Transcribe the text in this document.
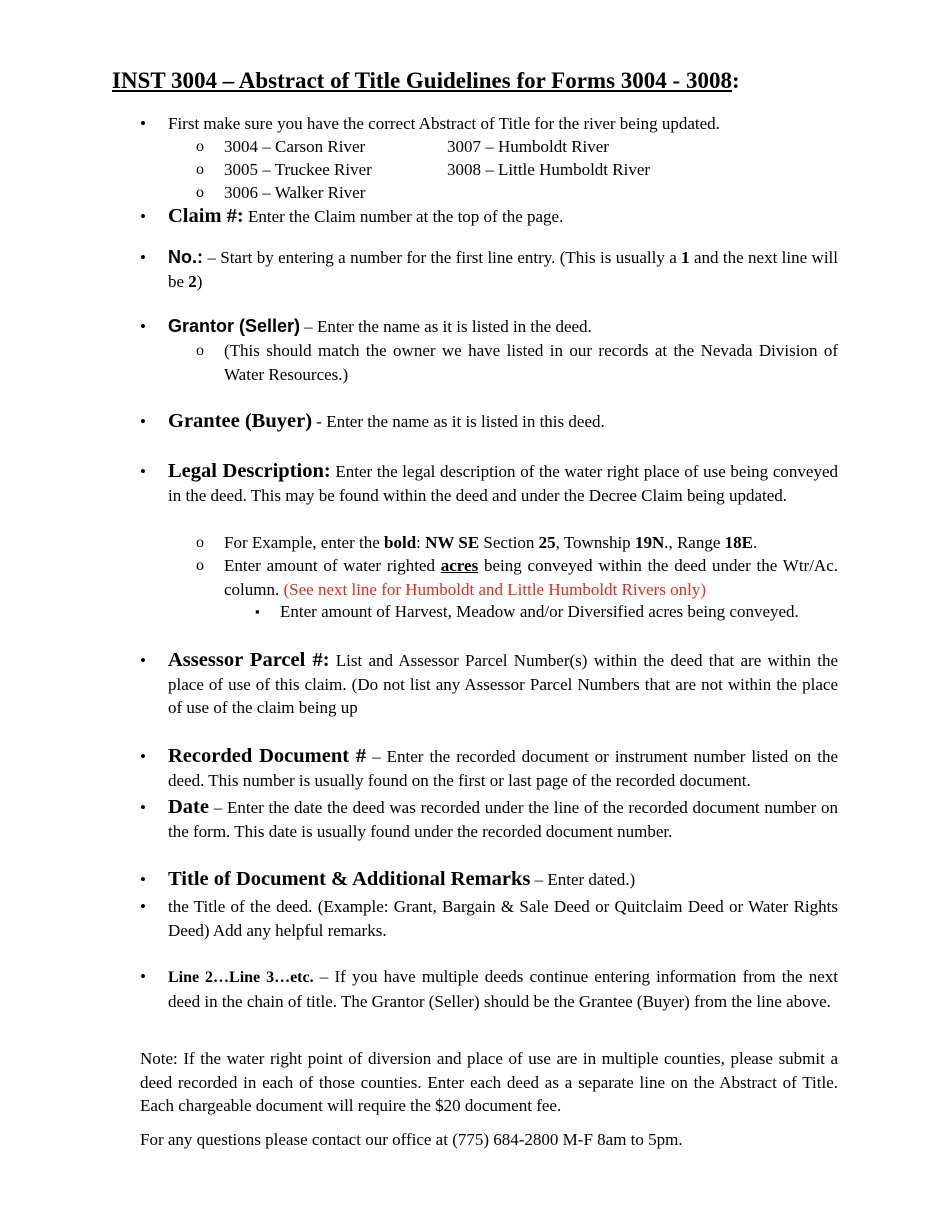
INST 3004 – Abstract of Title Guidelines for Forms 3004 - 3008:
• First make sure you have the correct Abstract of Title for the river being updated.
o 3004 – Carson River	3007 – Humboldt River
o 3005 – Truckee River	3008 – Little Humboldt River
o 3006 – Walker River
• Claim #: Enter the Claim number at the top of the page.
• No.: – Start by entering a number for the first line entry. (This is usually a 1 and the next line will be 2)
• Grantor (Seller) – Enter the name as it is listed in the deed.
o (This should match the owner we have listed in our records at the Nevada Division of Water Resources.)
• Grantee (Buyer) - Enter the name as it is listed in this deed.
• Legal Description: Enter the legal description of the water right place of use being conveyed in the deed. This may be found within the deed and under the Decree Claim being updated.
o For Example, enter the bold: NW SE Section 25, Township 19N., Range 18E.
o Enter amount of water righted acres being conveyed within the deed under the Wtr/Ac. column. (See next line for Humboldt and Little Humboldt Rivers only)
▪ Enter amount of Harvest, Meadow and/or Diversified acres being conveyed.
• Assessor Parcel #: List and Assessor Parcel Number(s) within the deed that are within the place of use of this claim. (Do not list any Assessor Parcel Numbers that are not within the place of use of the claim being up
• Recorded Document # – Enter the recorded document or instrument number listed on the deed. This number is usually found on the first or last page of the recorded document.
• Date – Enter the date the deed was recorded under the line of the recorded document number on the form. This date is usually found under the recorded document number.
• Title of Document & Additional Remarks – Enter dated.)
• the Title of the deed. (Example: Grant, Bargain & Sale Deed or Quitclaim Deed or Water Rights Deed) Add any helpful remarks.
• Line 2…Line 3…etc. – If you have multiple deeds continue entering information from the next deed in the chain of title. The Grantor (Seller) should be the Grantee (Buyer) from the line above.
Note: If the water right point of diversion and place of use are in multiple counties, please submit a deed recorded in each of those counties. Enter each deed as a separate line on the Abstract of Title. Each chargeable document will require the $20 document fee.
For any questions please contact our office at (775) 684-2800 M-F 8am to 5pm.
